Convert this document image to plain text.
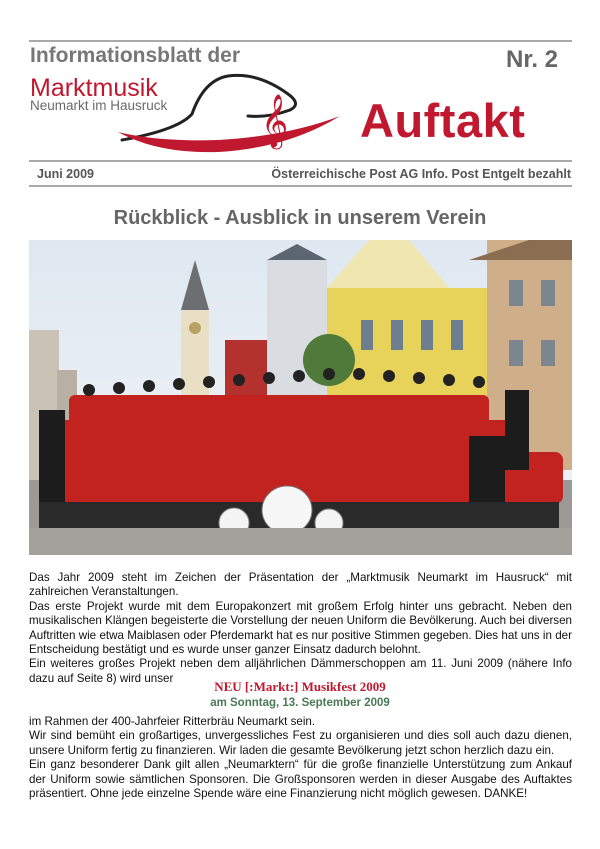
Informationsblatt der	Nr. 2
Marktmusik
Neumarkt im Hausruck 𝄞 Auftakt
Juni 2009	Österreichische Post AG Info. Post Entgelt bezahlt
Rückblick - Ausblick in unserem Verein

Das Jahr 2009 steht im Zeichen der Präsentation der „Marktmusik Neumarkt im Hausruck“ mit zahlreichen Veranstaltungen.

Das erste Projekt wurde mit dem Europakonzert mit großem Erfolg hinter uns gebracht. Neben den musikalischen Klängen begeisterte die Vorstellung der neuen Uniform die Bevölkerung. Auch bei diversen Auftritten wie etwa Maiblasen oder Pferdemarkt hat es nur positive Stimmen gegeben. Dies hat uns in der Entscheidung bestätigt und es wurde unser ganzer Einsatz dadurch belohnt.

Ein weiteres großes Projekt neben dem alljährlichen Dämmerschoppen am 11. Juni 2009 (nähere Info dazu auf Seite 8) wird unser

NEU [:Markt:] Musikfest 2009
am Sonntag, 13. September 2009

im Rahmen der 400-Jahrfeier Ritterbräu Neumarkt sein.

Wir sind bemüht ein großartiges, unvergessliches Fest zu organisieren und dies soll auch dazu dienen, unsere Uniform fertig zu finanzieren. Wir laden die gesamte Bevölkerung jetzt schon herzlich dazu ein.

Ein ganz besonderer Dank gilt allen „Neumarktern“ für die große finanzielle Unterstützung zum Ankauf der Uniform sowie sämtlichen Sponsoren. Die Großsponsoren werden in dieser Ausgabe des Auftaktes präsentiert. Ohne jede einzelne Spende wäre eine Finanzierung nicht möglich gewesen. DANKE!
